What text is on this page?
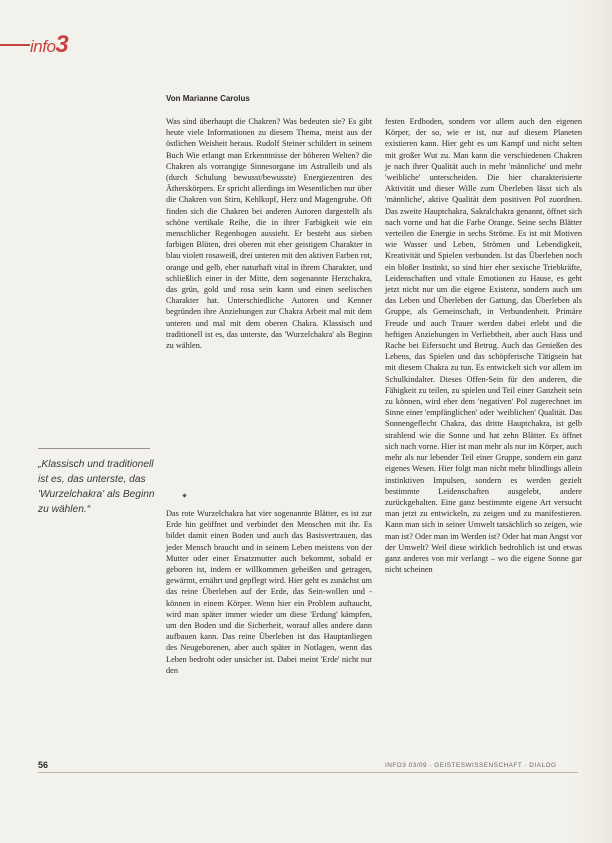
info3
Von Marianne Carolus

Was sind überhaupt die Chakren? Was bedeuten sie? Es gibt heute viele Informationen zu diesem Thema, meist aus der östlichen Weisheit heraus. Rudolf Steiner schildert in seinem Buch Wie erlangt man Erkenntnisse der höheren Welten? die Chakren als vorrangige Sinnesorgane im Astralleib und als (durch Schulung bewusst/bewusste) Energiezentren des Ätherskörpers. Er spricht allerdings im Wesentlichen nur über die Chakren von Stirn, Kehlkopf, Herz und Magengrube. Oft finden sich die Chakren bei anderen Autoren dargestellt als schöne vertikale Reihe, die in ihrer Farbigkeit wie ein menschlicher Regenbogen aussieht. Er besteht aus sieben farbigen Blüten, drei oberen mit eher geistigem Charakter in blau violett rosaweiß, drei unteren mit den aktiven Farben rot, orange und gelb, eher naturhaft vital in ihrem Charakter, und schließlich einer in der Mitte, dem sogenannte Herzchakra, das grün, gold und rosa sein kann und einen seelischen Charakter hat. Unterschiedliche Autoren und Kenner begründen ihre Anziehungen zur Chakra Arbeit mal mit dem unteren und mal mit dem oberen Chakra. Klassisch und traditionell ist es, das unterste, das 'Wurzelchakra' als Beginn zu wählen.

„Klassisch und traditionell ist es, das unterste, das 'Wurzelchakra' als Beginn zu wählen.“	Das rote Wurzelchakra hat vier sogenannte Blätter, es ist zur Erde hin geöffnet und verbindet den Menschen mit ihr. Es bildet damit einen Boden und auch das Basisvertrauen, das jeder Mensch braucht und in seinem Leben meistens von der Mutter oder einer Ersatzmutter auch bekommt, sobald er geboren ist, indem er willkommen geheißen und getragen, gewärmt, ernährt und gepflegt wird. Hier geht es zunächst um das reine Überleben auf der Erde, das Sein-wollen und -können in einem Körper. Wenn hier ein Problem auftaucht, wird man später immer wieder um diese 'Erdung' kämpfen, um den Boden und die Sicherheit, worauf alles andere dann aufbauen kann. Das reine Überleben ist das Hauptanliegen des Neugeborenen, aber auch später in Notlagen, wenn das Leben bedroht oder unsicher ist. Dabei meint 'Erde' nicht nur den

festen Erdboden, sondern vor allem auch den eigenen Körper, der so, wie er ist, nur auf diesem Planeten existieren kann. Hier geht es um Kampf und nicht selten mit großer Wut zu. Man kann die verschiedenen Chakren je nach ihrer Qualität auch in mehr 'männliche' und mehr 'weibliche' unterscheiden. Die hier charakterisierte Aktivität und dieser Wille zum Überleben lässt sich als 'männliche', aktive Qualität dem positiven Pol zuordnen. Das zweite Hauptchakra, Sakralchakra genannt, öffnet sich nach vorne und hat die Farbe Orange. Seine sechs Blätter verteilen die Energie in sechs Ströme. Es ist mit Motiven wie Wasser und Leben, Strömen und Lebendigkeit, Kreativität und Spielen verbunden. Ist das Überleben noch ein bloßer Instinkt, so sind hier eher sexische Triebkräfte, Leidenschaften und vitale Emotionen zu Hause, es geht jetzt nicht nur um die eigene Existenz, sondern auch um das Leben und Überleben der Gattung, das Überleben als Gruppe, als Gemeinschaft, in Verbundenheit. Primäre Freude und auch Trauer werden dabei erlebt und die heftigen Anziehungen in Verliebtheit, aber auch Hass und Rache bei Eifersucht und Betrug. Auch das Genießen des Lebens, das Spielen und das schöpferische Tätigsein hat mit diesem Chakra zu tun. Es entwickelt sich vor allem im Schulkindalter. Dieses Offen-Sein für den anderen, die Fähigkeit zu teilen, zu spielen und Teil einer Ganzheit sein zu können, wird eher dem 'negativen' Pol zugerechnet im Sinne einer 'empfänglichen' oder 'weiblichen' Qualität. Das Sonnengeflecht Chakra, das dritte Hauptchakra, ist gelb strahlend wie die Sonne und hat zehn Blätter. Es öffnet sich nach vorne. Hier ist man mehr als nur im Körper, auch mehr als nur lebender Teil einer Gruppe, sondern ein ganz eigenes Wesen. Hier folgt man nicht mehr blindlings allein instinktiven Impulsen, sondern es werden gezielt bestimmte Leidenschaften ausgelebt, andere zurückgehalten. Eine ganz bestimmte eigene Art versucht man jetzt zu entwickeln, zu zeigen und zu manifestieren. Kann man sich in seiner Umwelt tatsächlich so zeigen, wie man ist? Oder man im Werden ist? Oder hat man Angst vor der Umwelt? Weil diese wirklich bedrohlich ist und etwas ganz anderes von mir verlangt – wo die eigene Sonne gar nicht scheinen

56	INFO3 03/09 · GEISTESWISSENSCHAFT · DIALOG
